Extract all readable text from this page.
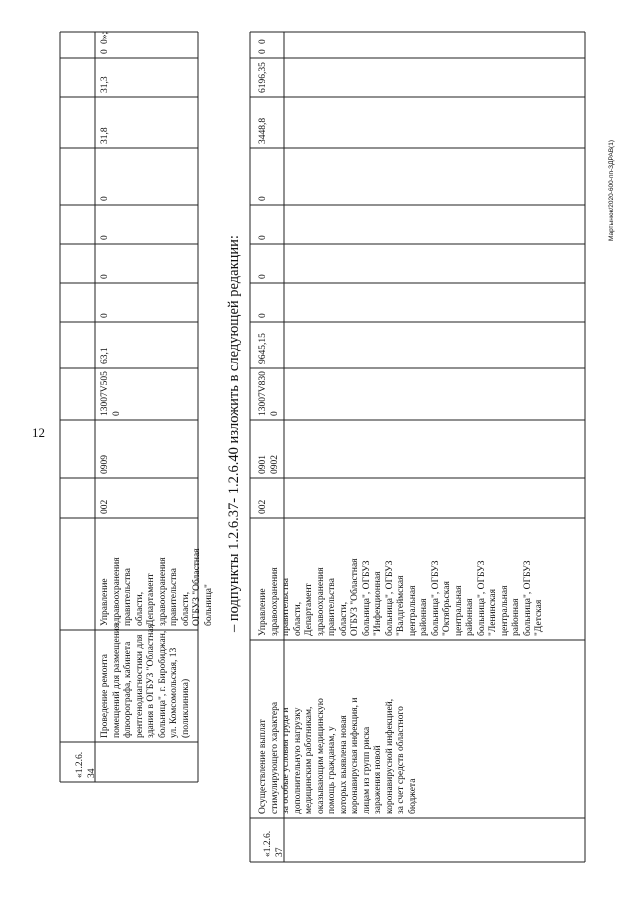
12
Мартынюк/2020-600-пп-ЗДРАВ(1)
– подпункты 1.2.6.37- 1.2.6.40 изложить в следующей редакции:
«1.2.6.
34
Проведение ремонта
помещений для размещения
флюорографа, кабинета
рентгенодиагностики для
здания в ОГБУЗ "Областная
больница", г. Биробиджан,
ул. Комсомольская, 13
(поликлиника)
Управление
здравоохранения
правительства
области,
Департамент
здравоохранения
правительства
области,
ОГБУЗ "Областная
больница"
002
0909
13007V505
0
63,1
0
0
0
0
31,8
31,3
0
0»;
«1.2.6.
37
Осуществление выплат
стимулирующего характера
за особые условия труда и
дополнительную нагрузку
медицинским работникам,
оказывающим медицинскую
помощь гражданам, у
которых выявлена новая
коронавирусная инфекция, и
лицам из групп риска
заражения новой
коронавирусной инфекцией,
за счет средств областного
бюджета
Управление
здравоохранения
правительства
области,
Департамент
здравоохранения
правительства
области,
ОГБУЗ "Областная
больница", ОГБУЗ
"Инфекционная
больница", ОГБУЗ
"Валдгеймская
центральная
районная
больница", ОГБУЗ
"Октябрьская
центральная
районная
больница", ОГБУЗ
"Ленинская
центральная
районная
больница", ОГБУЗ
"Детская
002
0901
0902
13007V830
0
9645,15
0
0
0
0
3448,8
6196,35
0
0
